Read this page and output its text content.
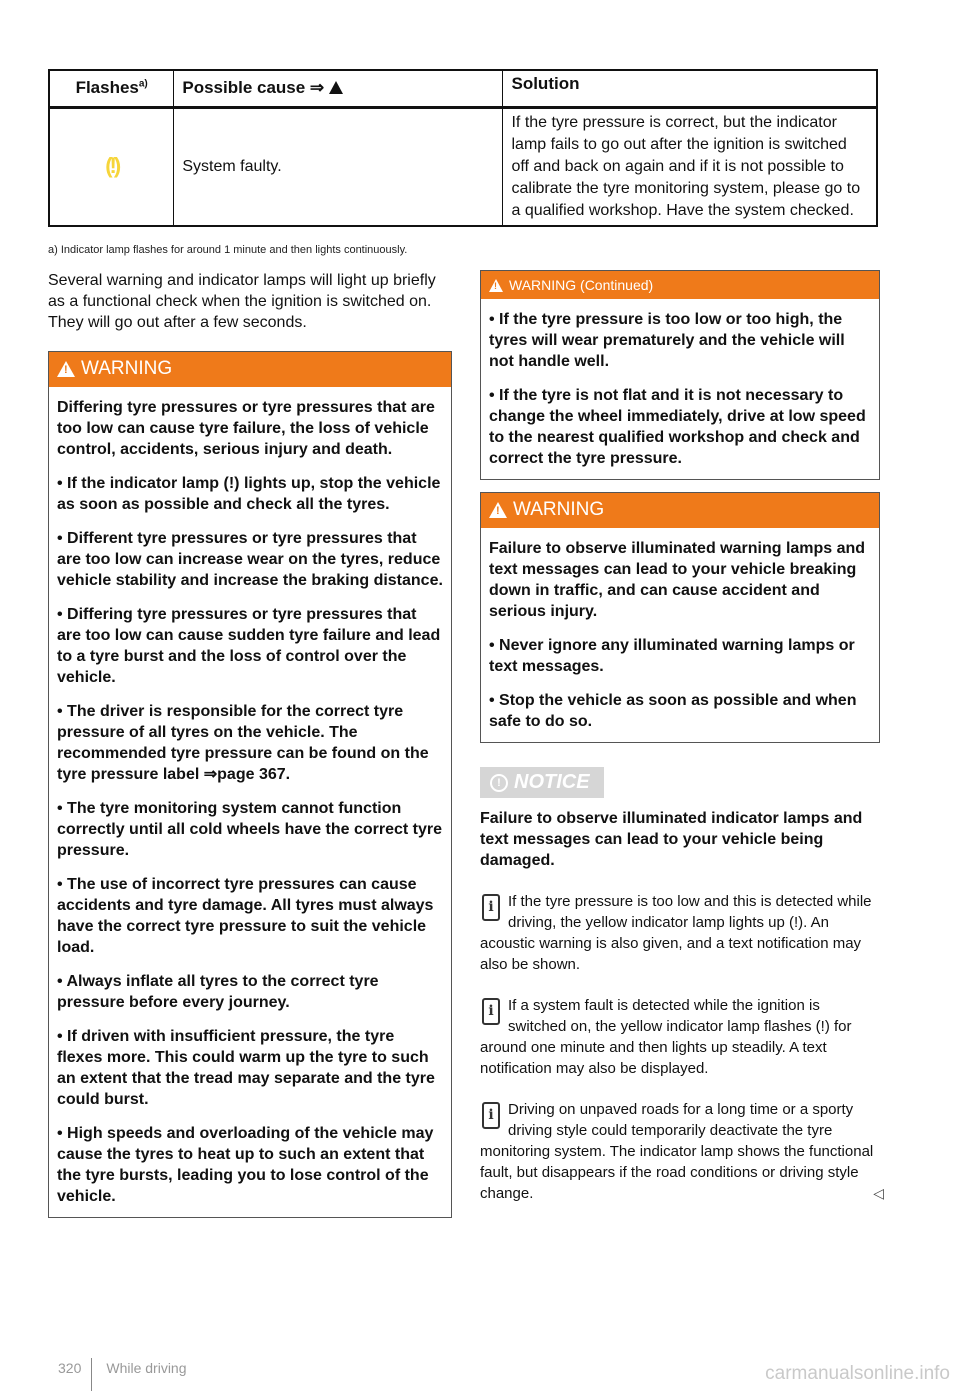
Flashes$^{a)}$	Possible cause ⇒	Solution
(!)	System faulty.	If the tyre pressure is correct, but the indicator lamp fails to go out after the ignition is switched off and back on again and if it is not possible to calibrate the tyre monitoring system, please go to a qualified workshop. Have the system checked.
a) Indicator lamp flashes for around 1 minute and then lights continuously.

Several warning and indicator lamps will light up briefly as a functional check when the ignition is switched on. They will go out after a few seconds.

!
WARNING

Differing tyre pressures or tyre pressures that are too low can cause tyre failure, the loss of vehicle control, accidents, serious injury and death.

• If the indicator lamp (!) lights up, stop the vehicle as soon as possible and check all the tyres.

• Different tyre pressures or tyre pressures that are too low can increase wear on the tyres, reduce vehicle stability and increase the braking distance.

• Differing tyre pressures or tyre pressures that are too low can cause sudden tyre failure and lead to a tyre burst and the loss of control over the vehicle.

• The driver is responsible for the correct tyre pressure of all tyres on the vehicle. The recommended tyre pressure can be found on the tyre pressure label ⇒page 367.

• The tyre monitoring system cannot function correctly until all cold wheels have the correct tyre pressure.

• The use of incorrect tyre pressures can cause accidents and tyre damage. All tyres must always have the correct tyre pressure to suit the vehicle load.

• Always inflate all tyres to the correct tyre pressure before every journey.

• If driven with insufficient pressure, the tyre flexes more. This could warm up the tyre to such an extent that the tread may separate and the tyre could burst.

• High speeds and overloading of the vehicle may cause the tyres to heat up to such an extent that the tyre bursts, leading you to lose control of the vehicle.

!
WARNING (Continued)

• If the tyre pressure is too low or too high, the tyres will wear prematurely and the vehicle will not handle well.

• If the tyre is not flat and it is not necessary to change the wheel immediately, drive at low speed to the nearest qualified workshop and check and correct the tyre pressure.

!
WARNING

Failure to observe illuminated warning lamps and text messages can lead to your vehicle breaking down in traffic, and can cause accident and serious injury.

• Never ignore any illuminated warning lamps or text messages.

• Stop the vehicle as soon as possible and when safe to do so.

! NOTICE

Failure to observe illuminated indicator lamps and text messages can lead to your vehicle being damaged.

i If the tyre pressure is too low and this is detected while driving, the yellow indicator lamp lights up (!). An acoustic warning is also given, and a text notification may also be shown.
i If a system fault is detected while the ignition is switched on, the yellow indicator lamp flashes (!) for around one minute and then lights up steadily. A text notification may also be displayed.
i Driving on unpaved roads for a long time or a sporty driving style could temporarily deactivate the tyre monitoring system. The indicator lamp shows the functional fault, but disappears if the road conditions or driving style change.	◁
320 While driving	carmanualsonline.info
